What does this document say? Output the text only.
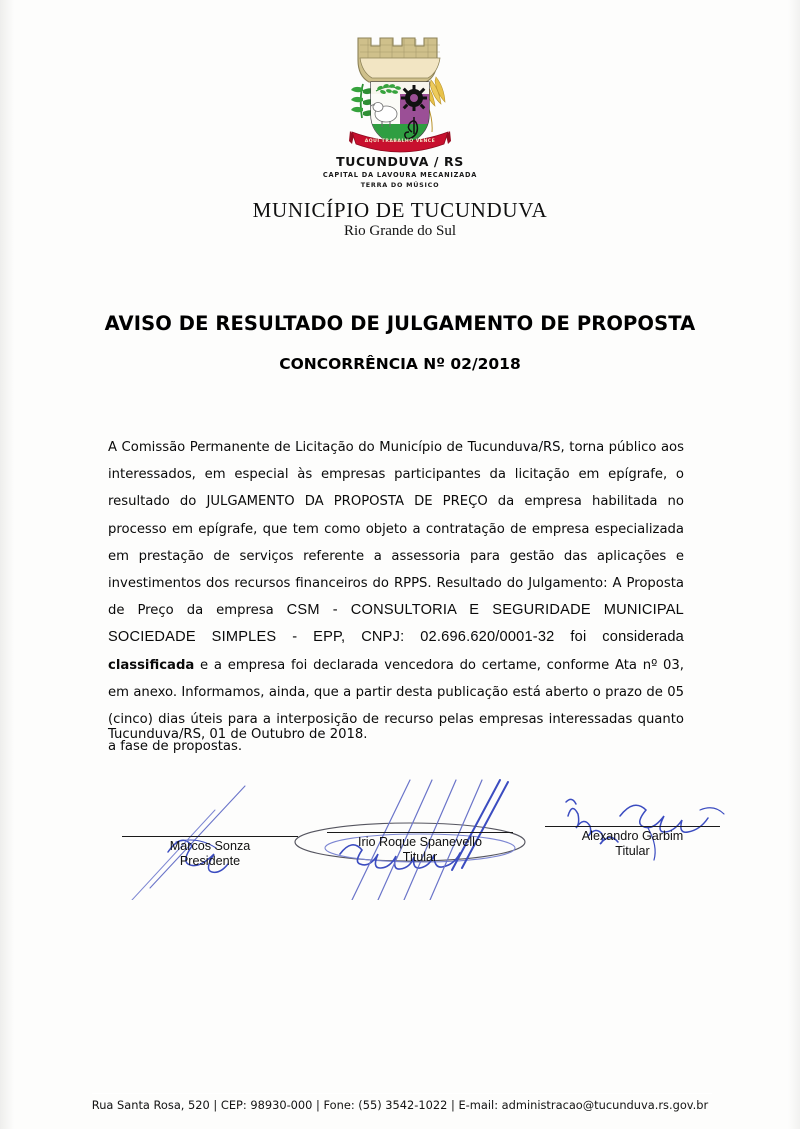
AQUI TRABALHO VENCE
TUCUNDUVA / RS
CAPITAL DA LAVOURA MECANIZADA
TERRA DO MÚSICO
MUNICÍPIO DE TUCUNDUVA
Rio Grande do Sul
AVISO DE RESULTADO DE JULGAMENTO DE PROPOSTA
CONCORRÊNCIA Nº 02/2018

A Comissão Permanente de Licitação do Município de Tucunduva/RS, torna público aos interessados, em especial às empresas participantes da licitação em epígrafe, o resultado do JULGAMENTO DA PROPOSTA DE PREÇO da empresa habilitada no processo em epígrafe, que tem como objeto a contratação de empresa especializada em prestação de serviços referente a assessoria para gestão das aplicações e investimentos dos recursos financeiros do RPPS. Resultado do Julgamento: A Proposta de Preço da empresa CSM - CONSULTORIA E SEGURIDADE MUNICIPAL SOCIEDADE SIMPLES - EPP, CNPJ: 02.696.620/0001-32 foi considerada classificada e a empresa foi declarada vencedora do certame, conforme Ata nº 03, em anexo. Informamos, ainda, que a partir desta publicação está aberto o prazo de 05 (cinco) dias úteis para a interposição de recurso pelas empresas interessadas quanto a fase de propostas.

Tucunduva/RS, 01 de Outubro de 2018.
Marcos Sonza
Presidente
Irio Roque Spanevello
Titular
Alexandro Garbim
Titular
Rua Santa Rosa, 520 | CEP: 98930-000 | Fone: (55) 3542-1022 | E-mail: administracao@tucunduva.rs.gov.br
